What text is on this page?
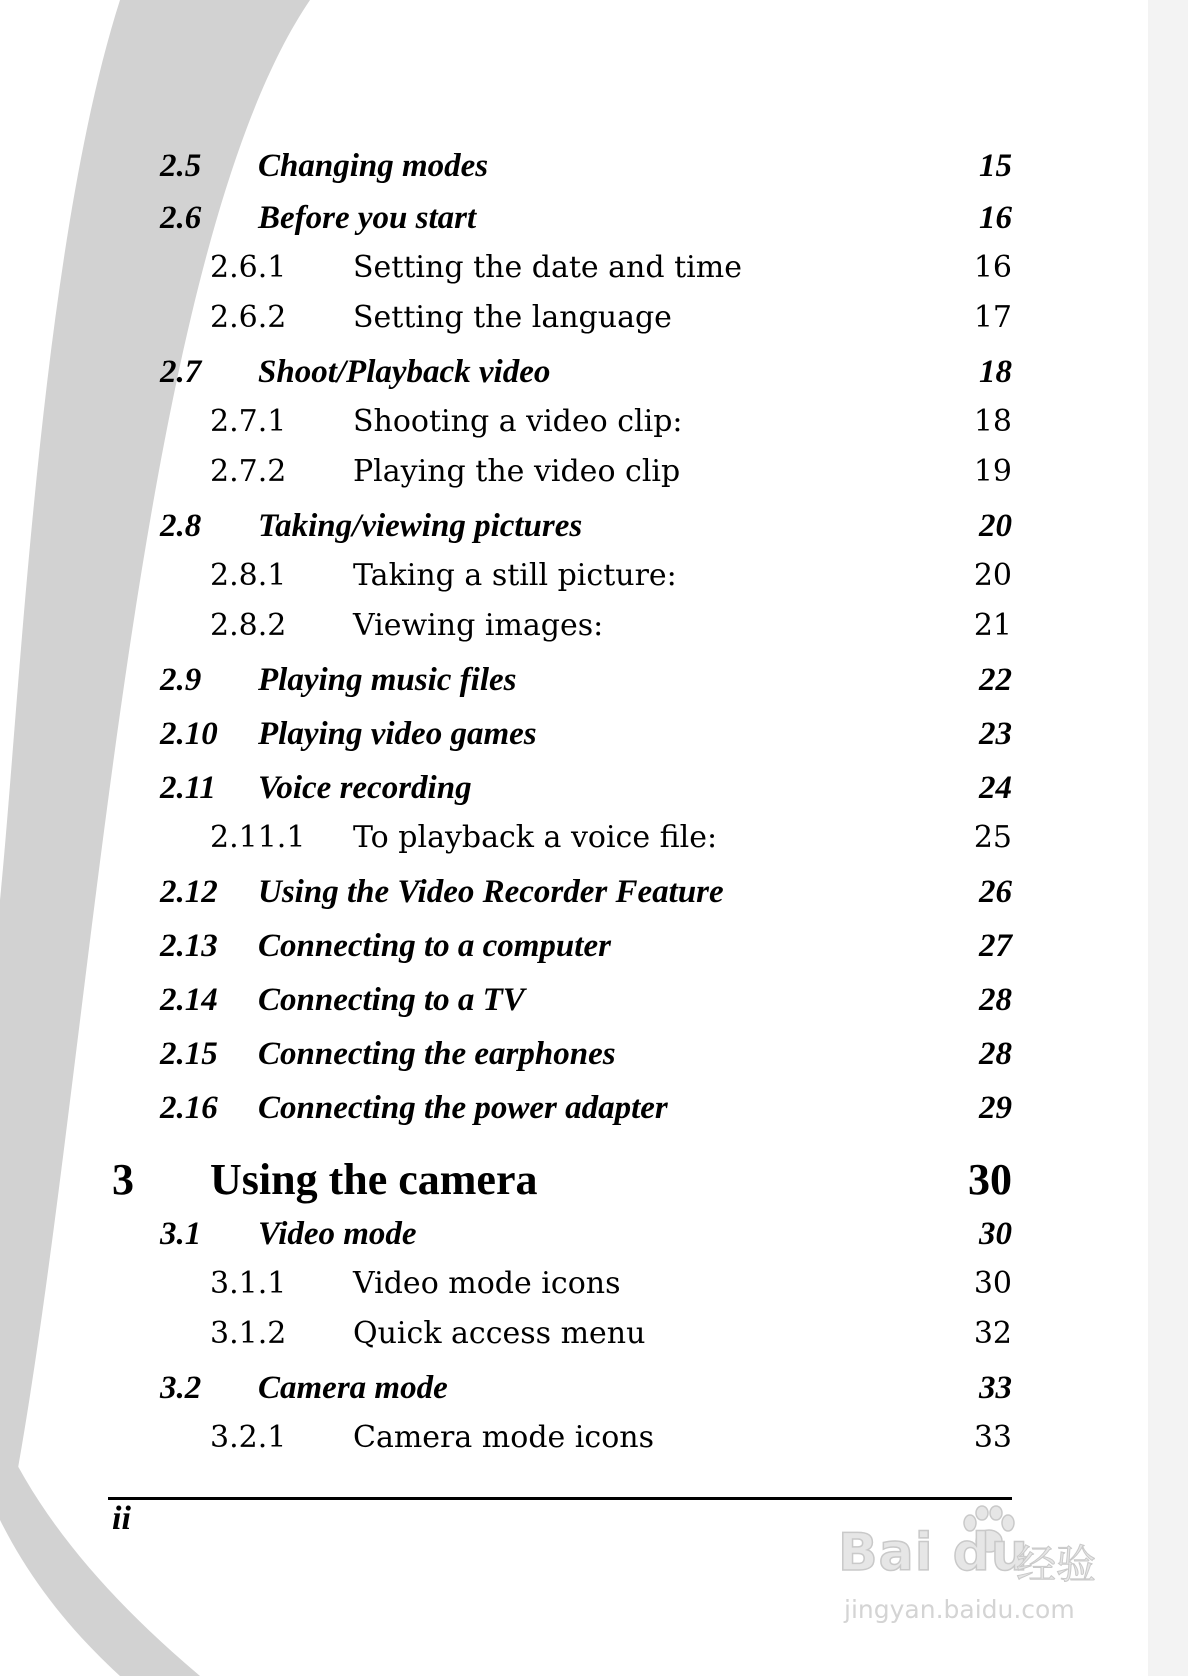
2.5	Changing modes	15
2.6	Before you start	16
2.6.1	Setting the date and time	16
2.6.2	Setting the language	17
2.7	Shoot/Playback video	18
2.7.1	Shooting a video clip:	18
2.7.2	Playing the video clip	19
2.8	Taking/viewing pictures	20
2.8.1	Taking a still picture:	20
2.8.2	Viewing images:	21
2.9	Playing music files	22
2.10	Playing video games	23
2.11	Voice recording	24
2.11.1	To playback a voice file:	25
2.12	Using the Video Recorder Feature	26
2.13	Connecting to a computer	27
2.14	Connecting to a TV	28
2.15	Connecting the earphones	28
2.16	Connecting the power adapter	29
3	Using the camera	30
3.1	Video mode	30
3.1.1	Video mode icons	30
3.1.2	Quick access menu	32
3.2	Camera mode	33
3.2.1	Camera mode icons	33
ii
Bai du
经验
jingyan.baidu.com
